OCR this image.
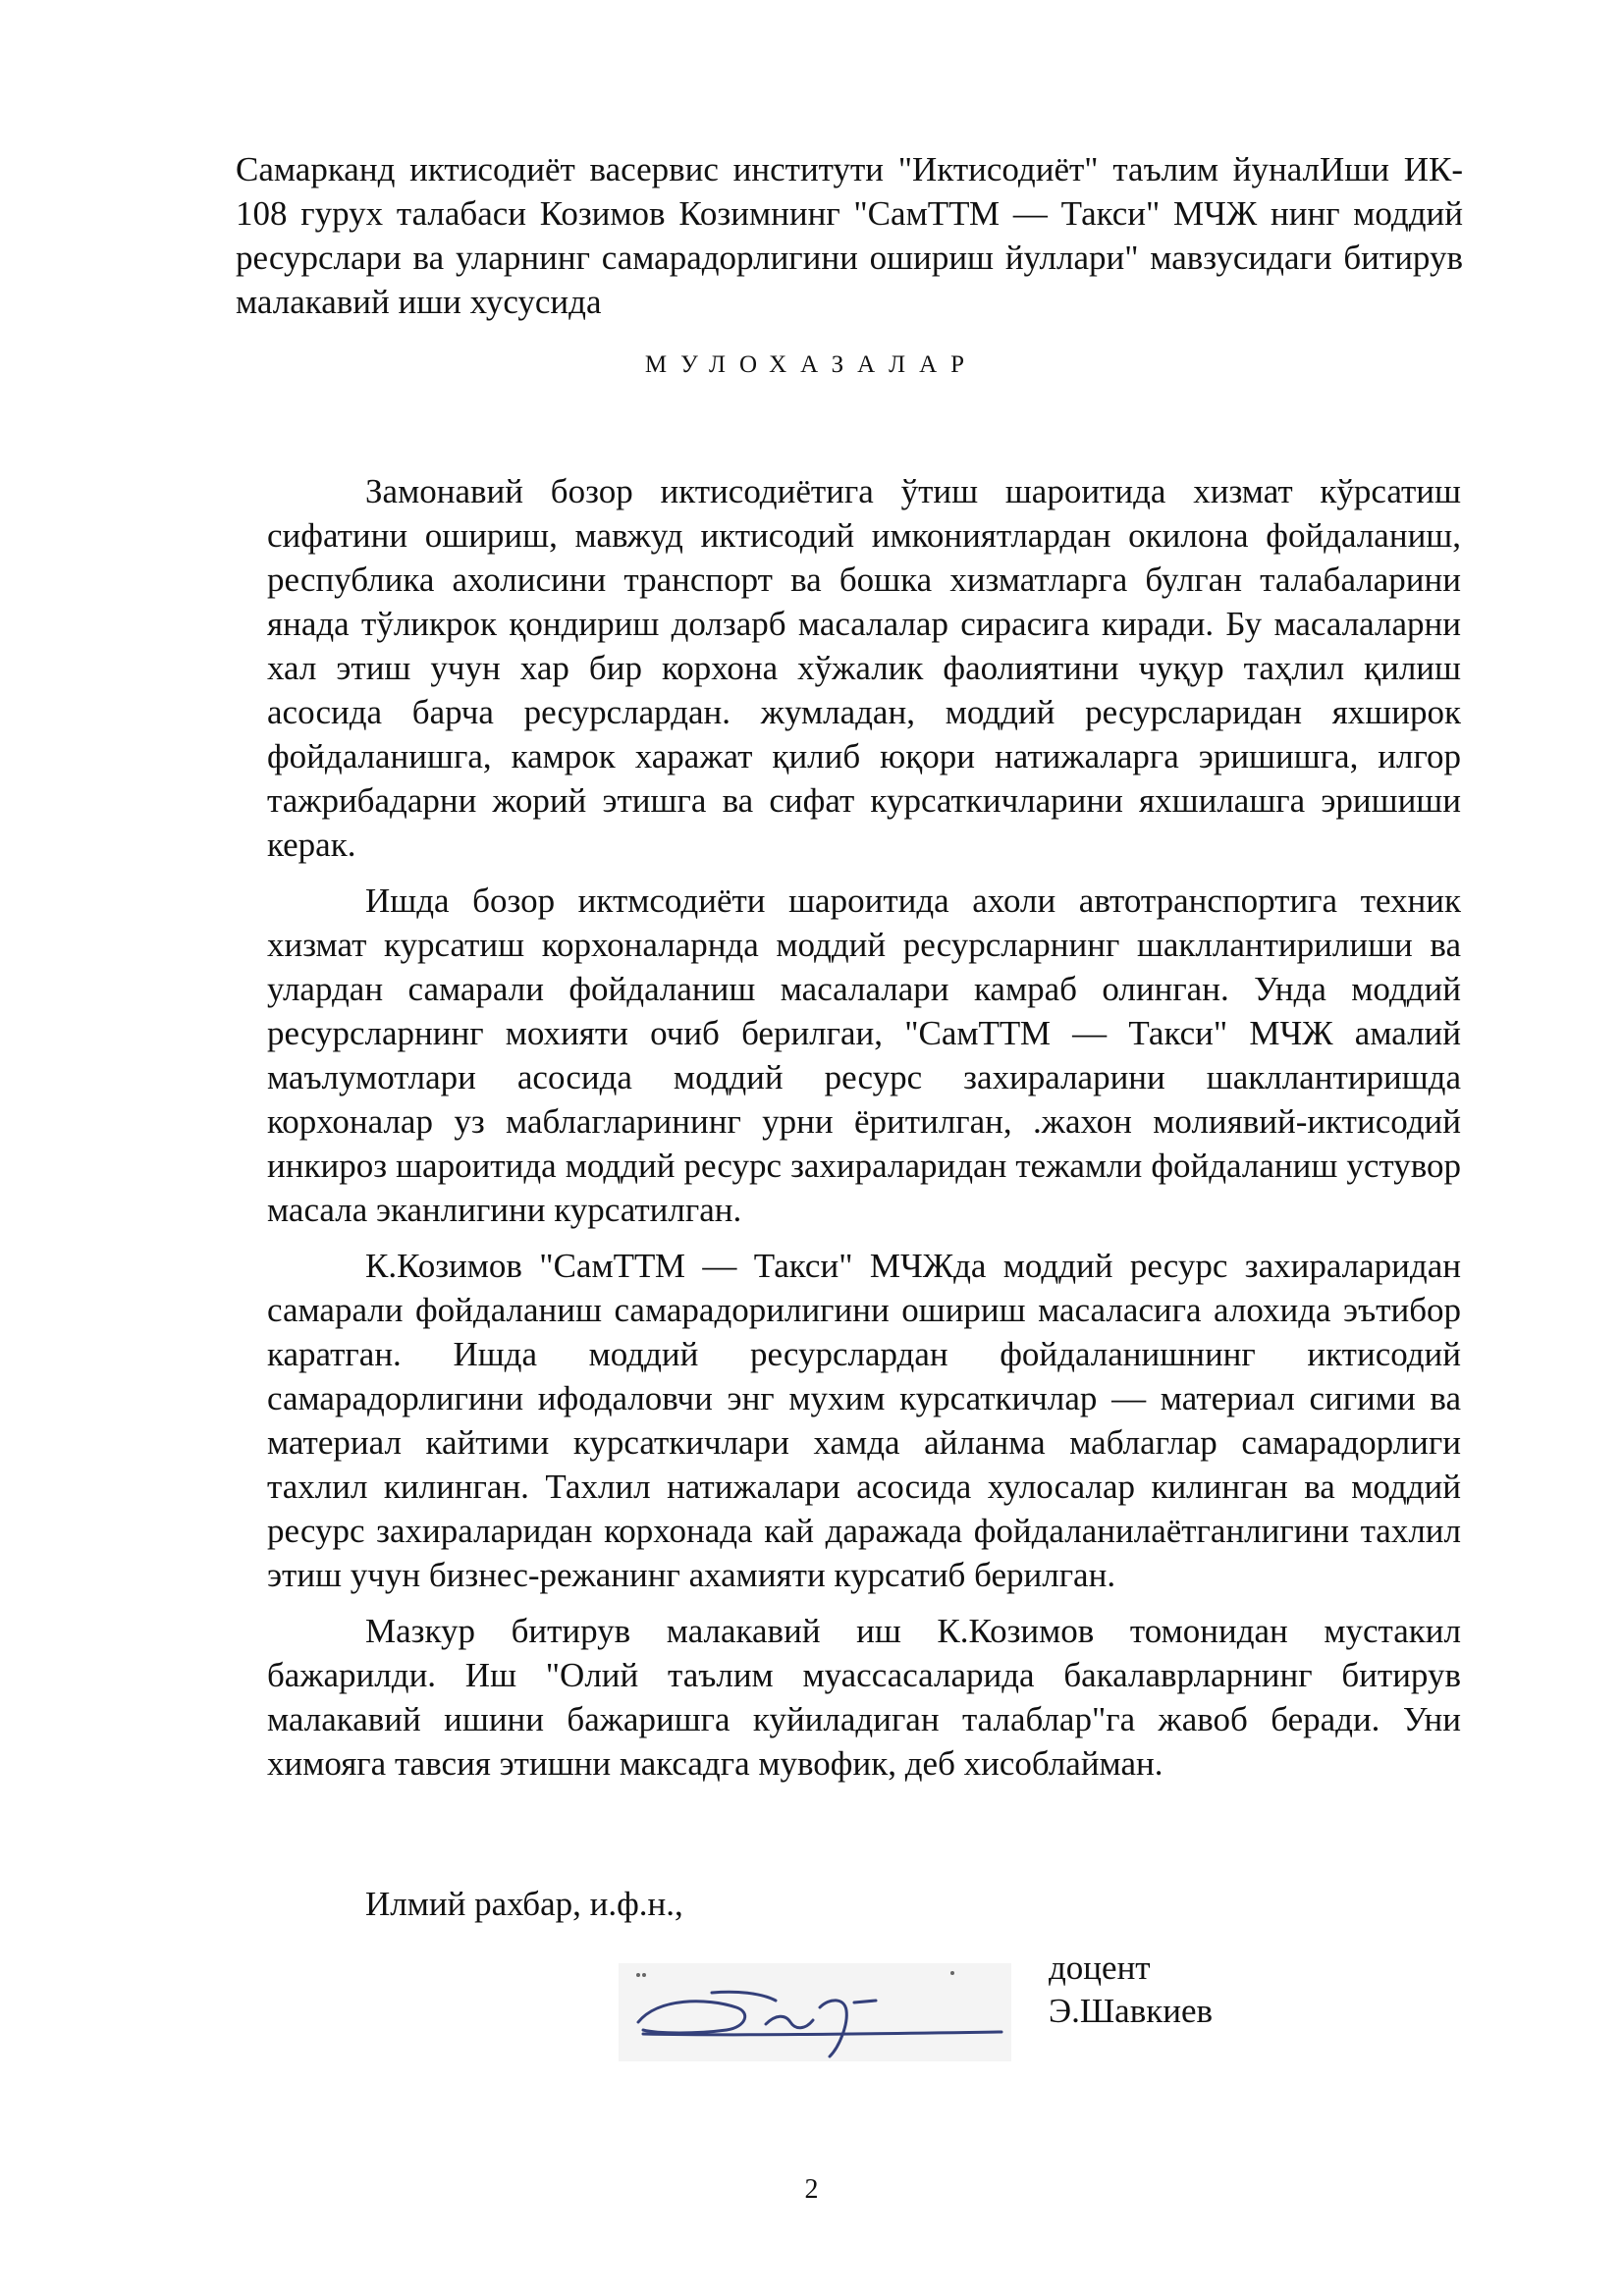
Самарканд иктисодиёт васервис институти "Иктисодиёт" таълим йуналИши ИК- 108 гурух талабаси Козимов Козимнинг "СамТТМ — Такси" МЧЖ нинг моддий ресурслари ва уларнинг самарадорлигини ошириш йуллари" мавзусидаги битирув малакавий иши хусусида

МУЛОХАЗАЛАР

Замонавий бозор иктисодиётига ўтиш шароитида хизмат кўрсатиш сифатини ошириш, мавжуд иктисодий имкониятлардан окилона фойдаланиш, республика ахолисини транспорт ва бошка хизматларга булган талабаларини янада тўликрок қондириш долзарб масалалар сирасига киради. Бу масалаларни хал этиш учун хар бир корхона хўжалик фаолиятини чуқур таҳлил қилиш асосида барча ресурслардан. жумладан, моддий ресурсларидан яхширок фойдаланишга, камрок харажат қилиб юқори натижаларга эришишга, илгор тажрибадарни жорий этишга ва сифат курсаткичларини яхшилашга эришиши керак.

Ишда бозор иктмсодиёти шароитида ахоли автотранспортига техник хизмат курсатиш корхоналарнда моддий ресурсларнинг шакллантирилиши ва улардан самарали фойдаланиш масалалари камраб олинган. Унда моддий ресурсларнинг мохияти очиб берилгаи, "СамТТМ — Такси" МЧЖ амалий маълумотлари асосида моддий ресурс захираларини шакллантиришда корхоналар уз маблагларининг урни ёритилган, .жахон молиявий-иктисодий инкироз шароитида моддий ресурс захираларидан тежамли фойдаланиш устувор масала эканлигини курсатилган.

К.Козимов "СамТТМ — Такси" МЧЖда моддий ресурс захираларидан самарали фойдаланиш самарадорилигини ошириш масаласига алохида эътибор каратган. Ишда моддий ресурслардан фойдаланишнинг иктисодий самарадорлигини ифодаловчи энг мухим курсаткичлар — материал сигими ва материал кайтими курсаткичлари хамда айланма маблаглар самарадорлиги тахлил килинган. Тахлил натижалари асосида хулосалар килинган ва моддий ресурс захираларидан корхонада кай даражада фойдаланилаётганлигини тахлил этиш учун бизнес-режанинг ахамияти курсатиб берилган.

Мазкур битирув малакавий иш К.Козимов томонидан мустакил бажарилди. Иш "Олий таълим муассасаларида бакалаврларнинг битирув малакавий ишини бажаришга куйиладиган талаблар"га жавоб беради. Уни химояга тавсия этишни максадга мувофик, деб хисоблайман.

Илмий рахбар, и.ф.н.,
доцент
Э.Шавкиев
2
